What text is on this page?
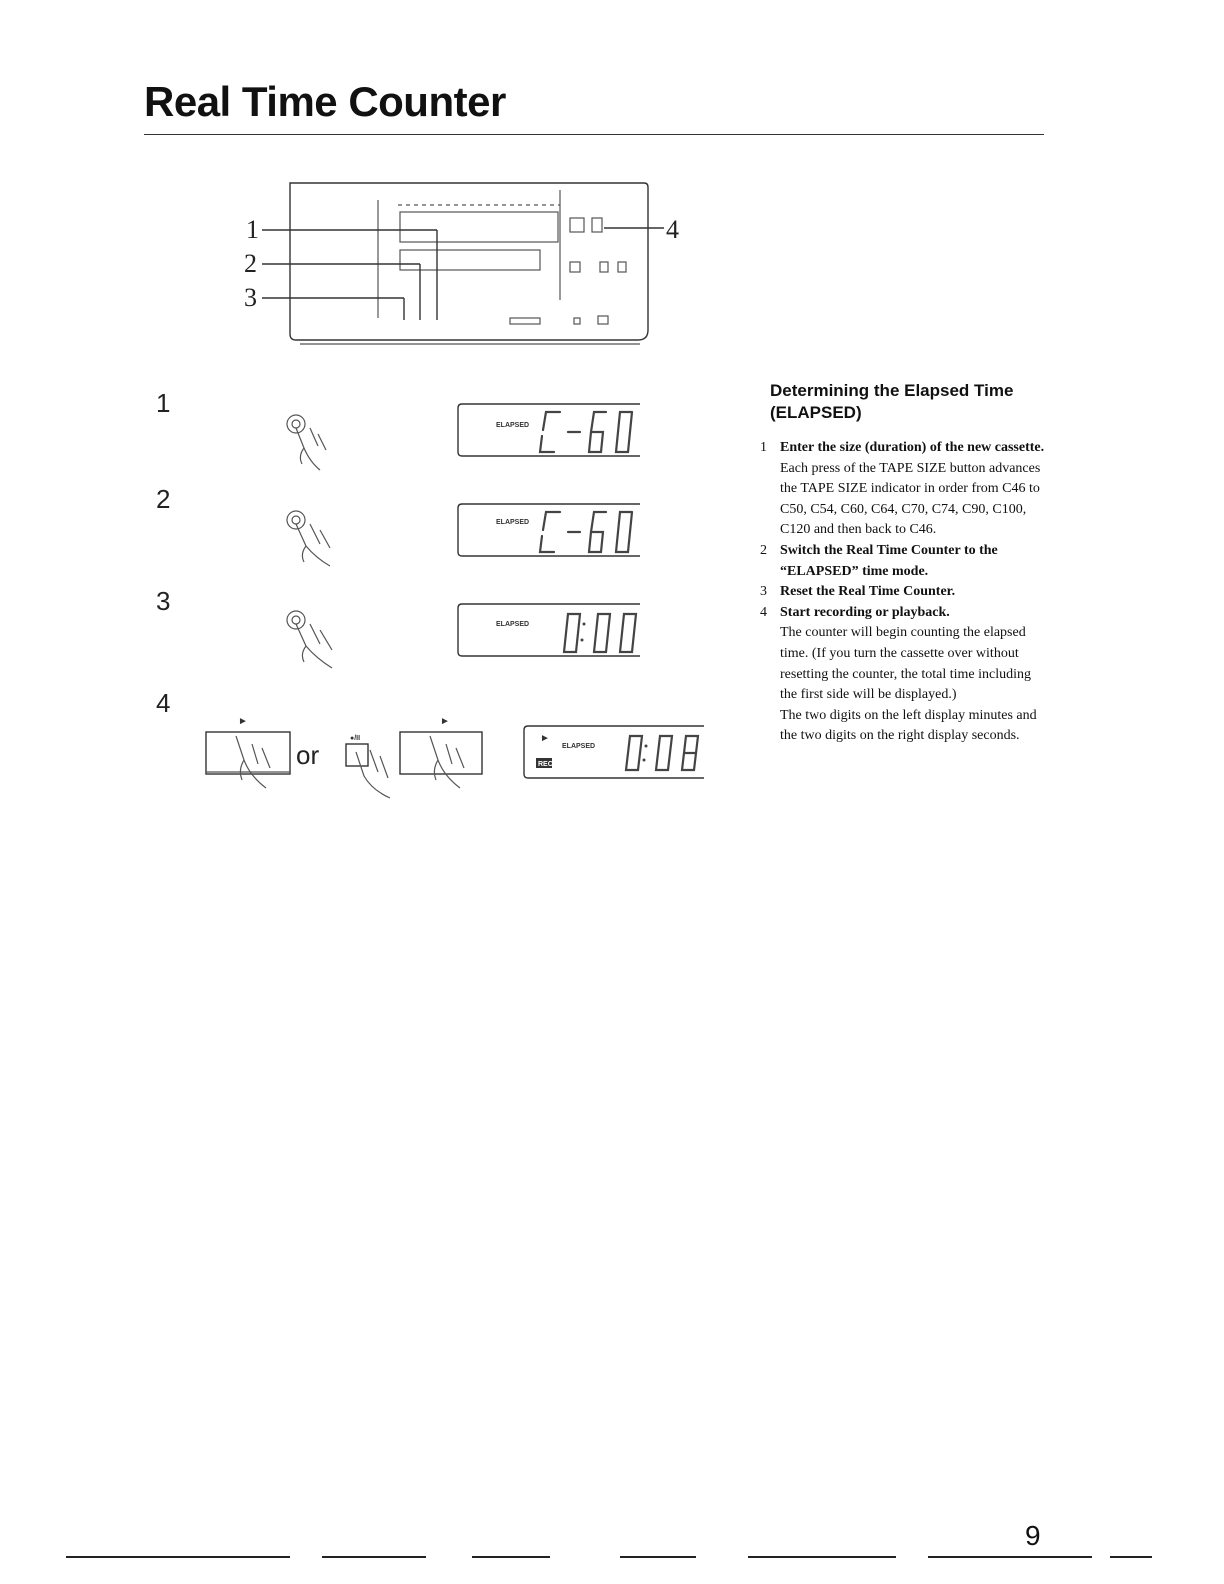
Real Time Counter
1
2
3
4
1
2
3
4
ELAPSED
ELAPSED
ELAPSED
►
or
●/II
►
►
ELAPSED
REC
Determining the Elapsed Time
(ELAPSED)
1 Enter the size (duration) of the new cassette.
Each press of the TAPE SIZE button advances the TAPE SIZE indicator in order from C46 to C50, C54, C60, C64, C70, C74, C90, C100, C120 and then back to C46.
2 Switch the Real Time Counter to the “ELAPSED” time mode.
3 Reset the Real Time Counter.
4 Start recording or playback.
The counter will begin counting the elapsed time. (If you turn the cassette over without resetting the counter, the total time including the first side will be displayed.)
The two digits on the left display minutes and the two digits on the right display seconds.
9
